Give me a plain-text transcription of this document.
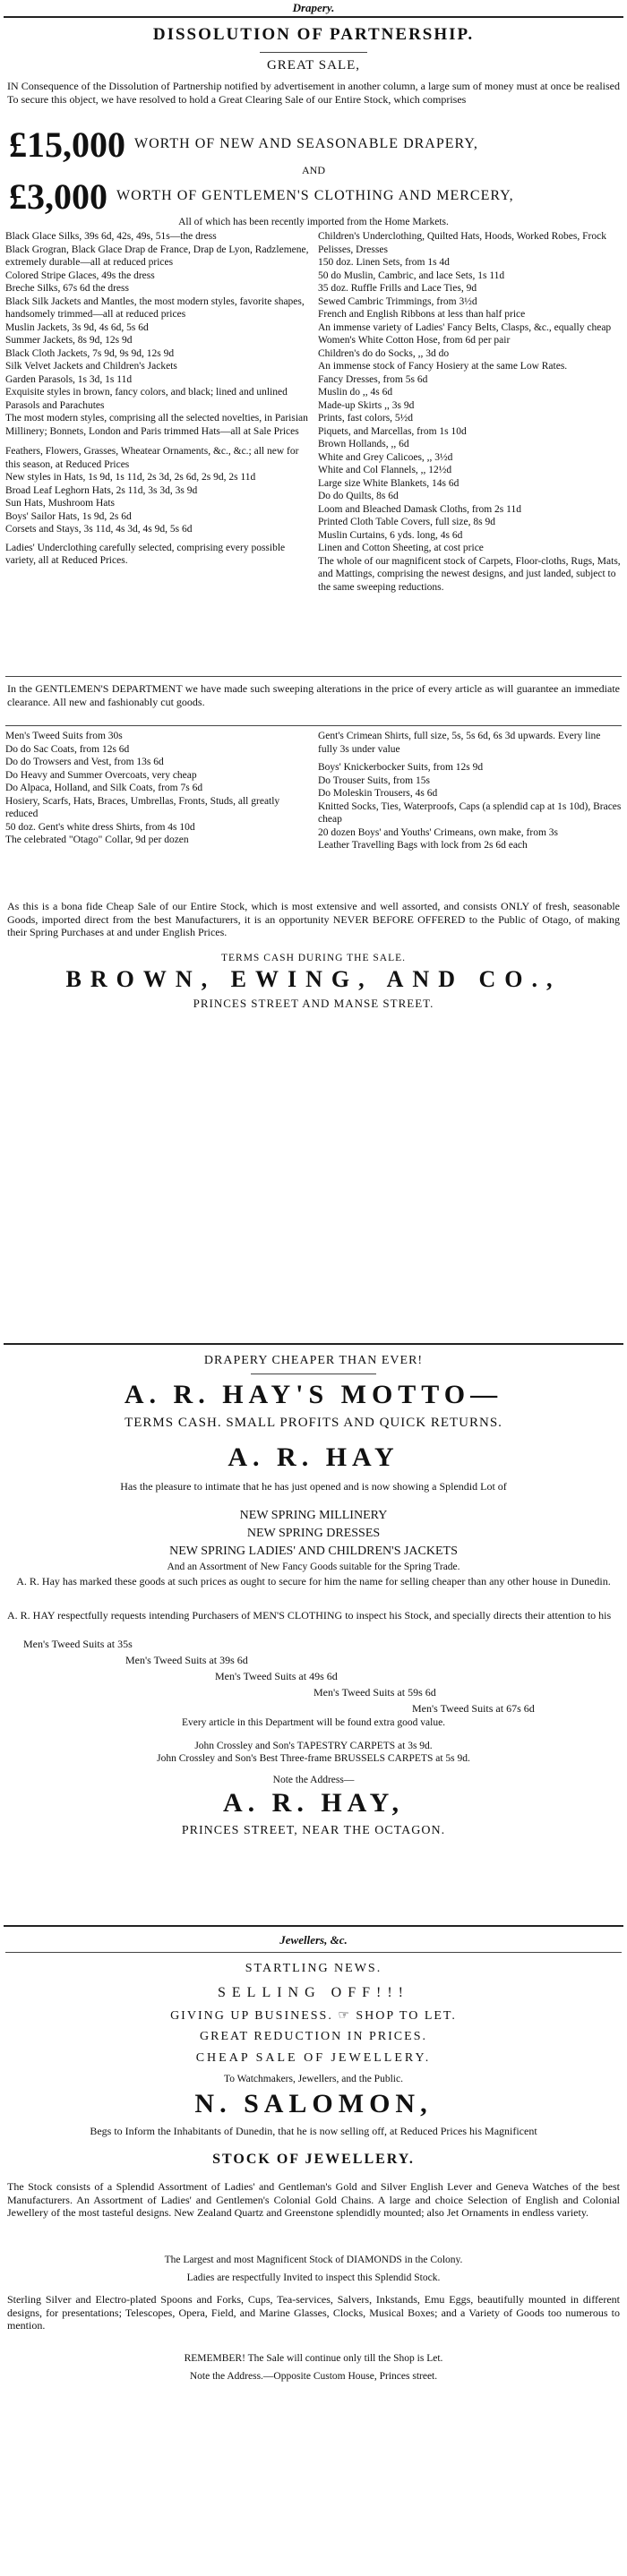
Drapery.
DISSOLUTION OF PARTNERSHIP.
GREAT SALE,
IN Consequence of the Dissolution of Partnership notified by advertisement in another column, a large sum of money must at once be realised To secure this object, we have resolved to hold a Great Clearing Sale of our Entire Stock, which comprises
£15,000 WORTH OF NEW AND SEASONABLE DRAPERY,
AND
£3,000 WORTH OF GENTLEMEN'S CLOTHING AND MERCERY,
All of which has been recently imported from the Home Markets.
Black Glace Silks, 39s 6d, 42s, 49s, 51s—the dress
Black Grogran, Black Glace Drap de France, Drap de Lyon, Radzlemene, extremely durable—all at reduced prices
Colored Stripe Glaces, 49s the dress
Breche Silks, 67s 6d the dress
Black Silk Jackets and Mantles, the most modern styles, favorite shapes, handsomely trimmed—all at reduced prices
Muslin Jackets, 3s 9d, 4s 6d, 5s 6d
Summer Jackets, 8s 9d, 12s 9d
Black Cloth Jackets, 7s 9d, 9s 9d, 12s 9d
Silk Velvet Jackets and Children's Jackets
Garden Parasols, 1s 3d, 1s 11d
Exquisite styles in brown, fancy colors, and black; lined and unlined Parasols and Parachutes
The most modern styles, comprising all the selected novelties, in Parisian Millinery; Bonnets, London and Paris trimmed Hats—all at Sale Prices
Feathers, Flowers, Grasses, Wheatear Ornaments, &c., &c.; all new for this season, at Reduced Prices
New styles in Hats, 1s 9d, 1s 11d, 2s 3d, 2s 6d, 2s 9d, 2s 11d
Broad Leaf Leghorn Hats, 2s 11d, 3s 3d, 3s 9d
Sun Hats, Mushroom Hats
Boys' Sailor Hats, 1s 9d, 2s 6d
Corsets and Stays, 3s 11d, 4s 3d, 4s 9d, 5s 6d
Ladies' Underclothing carefully selected, comprising every possible variety, all at Reduced Prices.
Children's Underclothing, Quilted Hats, Hoods, Worked Robes, Frock Pelisses, Dresses
150 doz. Linen Sets, from 1s 4d
50 do Muslin, Cambric, and lace Sets, 1s 11d
35 doz. Ruffle Frills and Lace Ties, 9d
Sewed Cambric Trimmings, from 3½d
French and English Ribbons at less than half price
An immense variety of Ladies' Fancy Belts, Clasps, &c., equally cheap
Women's White Cotton Hose, from 6d per pair
Children's do do Socks, ,, 3d do
An immense stock of Fancy Hosiery at the same Low Rates.
Fancy Dresses, from 5s 6d
Muslin do ,, 4s 6d
Made-up Skirts ,, 3s 9d
Prints, fast colors, 5½d
Piquets, and Marcellas, from 1s 10d
Brown Hollands, ,, 6d
White and Grey Calicoes, ,, 3½d
White and Col Flannels, ,, 12½d
Large size White Blankets, 14s 6d
Do do Quilts, 8s 6d
Loom and Bleached Damask Cloths, from 2s 11d
Printed Cloth Table Covers, full size, 8s 9d
Muslin Curtains, 6 yds. long, 4s 6d
Linen and Cotton Sheeting, at cost price
The whole of our magnificent stock of Carpets, Floor-cloths, Rugs, Mats, and Mattings, comprising the newest designs, and just landed, subject to the same sweeping reductions.
In the GENTLEMEN'S DEPARTMENT we have made such sweeping alterations in the price of every article as will guarantee an immediate clearance. All new and fashionably cut goods.
Men's Tweed Suits from 30s
Do do Sac Coats, from 12s 6d
Do do Trowsers and Vest, from 13s 6d
Do Heavy and Summer Overcoats, very cheap
Do Alpaca, Holland, and Silk Coats, from 7s 6d
Hosiery, Scarfs, Hats, Braces, Umbrellas, Fronts, Studs, all greatly reduced
50 doz. Gent's white dress Shirts, from 4s 10d
The celebrated "Otago" Collar, 9d per dozen
Gent's Crimean Shirts, full size, 5s, 5s 6d, 6s 3d upwards. Every line fully 3s under value
Boys' Knickerbocker Suits, from 12s 9d
Do Trouser Suits, from 15s
Do Moleskin Trousers, 4s 6d
Knitted Socks, Ties, Waterproofs, Caps (a splendid cap at 1s 10d), Braces cheap
20 dozen Boys' and Youths' Crimeans, own make, from 3s
Leather Travelling Bags with lock from 2s 6d each
As this is a bona fide Cheap Sale of our Entire Stock, which is most extensive and well assorted, and consists ONLY of fresh, seasonable Goods, imported direct from the best Manufacturers, it is an opportunity NEVER BEFORE OFFERED to the Public of Otago, of making their Spring Purchases at and under English Prices.
TERMS CASH DURING THE SALE.
BROWN, EWING, AND CO.,
PRINCES STREET AND MANSE STREET.
DRAPERY CHEAPER THAN EVER!
A. R. HAY'S MOTTO—
TERMS CASH. SMALL PROFITS AND QUICK RETURNS.
A. R. HAY
Has the pleasure to intimate that he has just opened and is now showing a Splendid Lot of
NEW SPRING MILLINERY
NEW SPRING DRESSES
NEW SPRING LADIES' AND CHILDREN'S JACKETS
And an Assortment of New Fancy Goods suitable for the Spring Trade.
A. R. Hay has marked these goods at such prices as ought to secure for him the name for selling cheaper than any other house in Dunedin.
A. R. HAY respectfully requests intending Purchasers of MEN'S CLOTHING to inspect his Stock, and specially directs their attention to his
Men's Tweed Suits at 35s
Men's Tweed Suits at 39s 6d
Men's Tweed Suits at 49s 6d
Men's Tweed Suits at 59s 6d
Men's Tweed Suits at 67s 6d
Every article in this Department will be found extra good value.
John Crossley and Son's TAPESTRY CARPETS at 3s 9d.
John Crossley and Son's Best Three-frame BRUSSELS CARPETS at 5s 9d.
Note the Address—
A. R. HAY,
PRINCES STREET, NEAR THE OCTAGON.
Jewellers, &c.
STARTLING NEWS.
SELLING OFF!!!
GIVING UP BUSINESS. ☞ SHOP TO LET.
GREAT REDUCTION IN PRICES.
CHEAP SALE OF JEWELLERY.
To Watchmakers, Jewellers, and the Public.
N. SALOMON,
Begs to Inform the Inhabitants of Dunedin, that he is now selling off, at Reduced Prices his Magnificent
STOCK OF JEWELLERY.
The Stock consists of a Splendid Assortment of Ladies' and Gentleman's Gold and Silver English Lever and Geneva Watches of the best Manufacturers. An Assortment of Ladies' and Gentlemen's Colonial Gold Chains. A large and choice Selection of English and Colonial Jewellery of the most tasteful designs. New Zealand Quartz and Greenstone splendidly mounted; also Jet Ornaments in endless variety.
The Largest and most Magnificent Stock of DIAMONDS in the Colony.
Ladies are respectfully Invited to inspect this Splendid Stock.
Sterling Silver and Electro-plated Spoons and Forks, Cups, Tea-services, Salvers, Inkstands, Emu Eggs, beautifully mounted in different designs, for presentations; Telescopes, Opera, Field, and Marine Glasses, Clocks, Musical Boxes; and a Variety of Goods too numerous to mention.
REMEMBER! The Sale will continue only till the Shop is Let.
Note the Address.—Opposite Custom House, Princes street.
